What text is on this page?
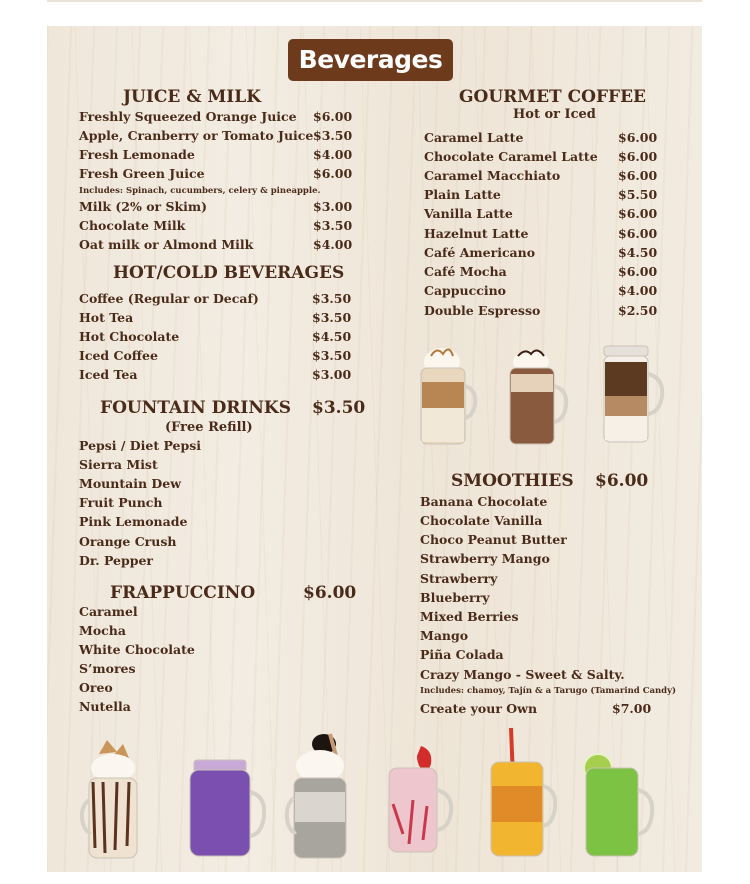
Beverages
JUICE & MILK
Freshly Squeezed Orange Juice $6.00
Apple, Cranberry or Tomato Juice $3.50
Fresh Lemonade	$4.00
Fresh Green Juice	$6.00
Includes: Spinach, cucumbers, celery & pineapple.
Milk (2% or Skim)	$3.00
Chocolate Milk	$3.50
Oat milk or Almond Milk	$4.00
HOT/COLD BEVERAGES
Coffee (Regular or Decaf)	$3.50
Hot Tea	$3.50
Hot Chocolate	$4.50
Iced Coffee	$3.50
Iced Tea	$3.00
FOUNTAIN DRINKS $3.50
(Free Refill)
Pepsi / Diet Pepsi
Sierra Mist
Mountain Dew
Fruit Punch
Pink Lemonade
Orange Crush
Dr. Pepper
FRAPPUCCINO	$6.00
Caramel
Mocha
White Chocolate
S’mores
Oreo
Nutella
GOURMET COFFEE
Hot or Iced
Caramel Latte	$6.00
Chocolate Caramel Latte $6.00
Caramel Macchiato	$6.00
Plain Latte	$5.50
Vanilla Latte	$6.00
Hazelnut Latte	$6.00
Café Americano	$4.50
Café Mocha	$6.00
Cappuccino	$4.00
Double Espresso	$2.50
SMOOTHIES $6.00
Banana Chocolate
Chocolate Vanilla
Choco Peanut Butter
Strawberry Mango
Strawberry
Blueberry
Mixed Berries
Mango
Piña Colada
Crazy Mango - Sweet & Salty.
Includes: chamoy, Tajín & a Tarugo (Tamarind Candy)
Create your Own	$7.00
